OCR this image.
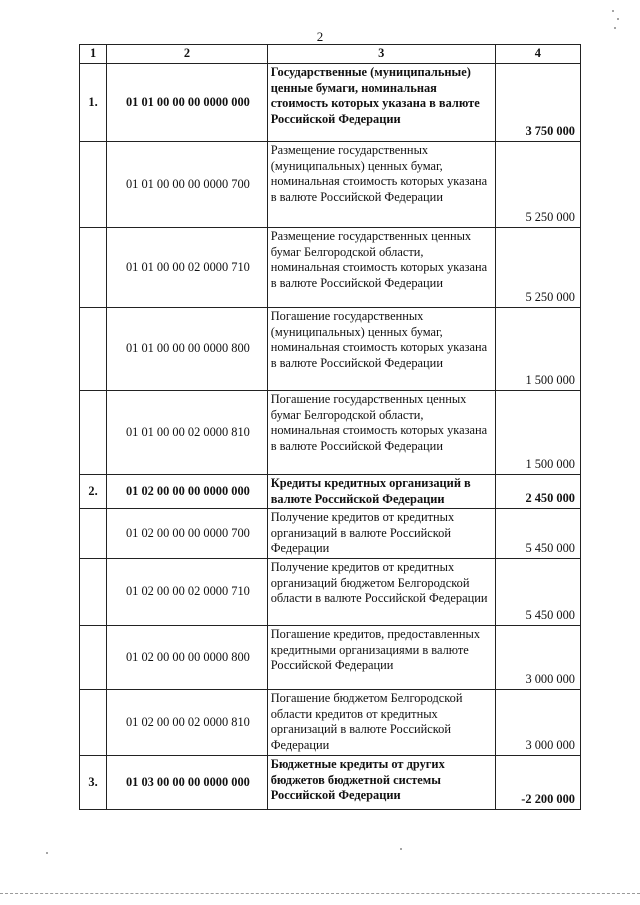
2
1	2	3	4
1.	01 01 00 00 00 0000 000	Государственные (муниципальные) ценные бумаги, номинальная стоимость которых указана в валюте Российской Федерации	3 750 000
	01 01 00 00 00 0000 700	Размещение государственных (муниципальных) ценных бумаг, номинальная стоимость которых указана в валюте Российской Федерации	5 250 000
	01 01 00 00 02 0000 710	Размещение государственных ценных бумаг Белгородской области, номинальная стоимость которых указана в валюте Российской Федерации	5 250 000
	01 01 00 00 00 0000 800	Погашение государственных (муниципальных) ценных бумаг, номинальная стоимость которых указана в валюте Российской Федерации	1 500 000
	01 01 00 00 02 0000 810	Погашение государственных ценных бумаг Белгородской области, номинальная стоимость которых указана в валюте Российской Федерации	1 500 000
2.	01 02 00 00 00 0000 000	Кредиты кредитных организаций в валюте Российской Федерации	2 450 000
	01 02 00 00 00 0000 700	Получение кредитов от кредитных организаций в валюте Российской Федерации	5 450 000
	01 02 00 00 02 0000 710	Получение кредитов от кредитных организаций бюджетом Белгородской области в валюте Российской Федерации	5 450 000
	01 02 00 00 00 0000 800	Погашение кредитов, предоставленных кредитными организациями в валюте Российской Федерации	3 000 000
	01 02 00 00 02 0000 810	Погашение бюджетом Белгородской области кредитов от кредитных организаций в валюте Российской Федерации	3 000 000
3.	01 03 00 00 00 0000 000	Бюджетные кредиты от других бюджетов бюджетной системы Российской Федерации	-2 200 000
